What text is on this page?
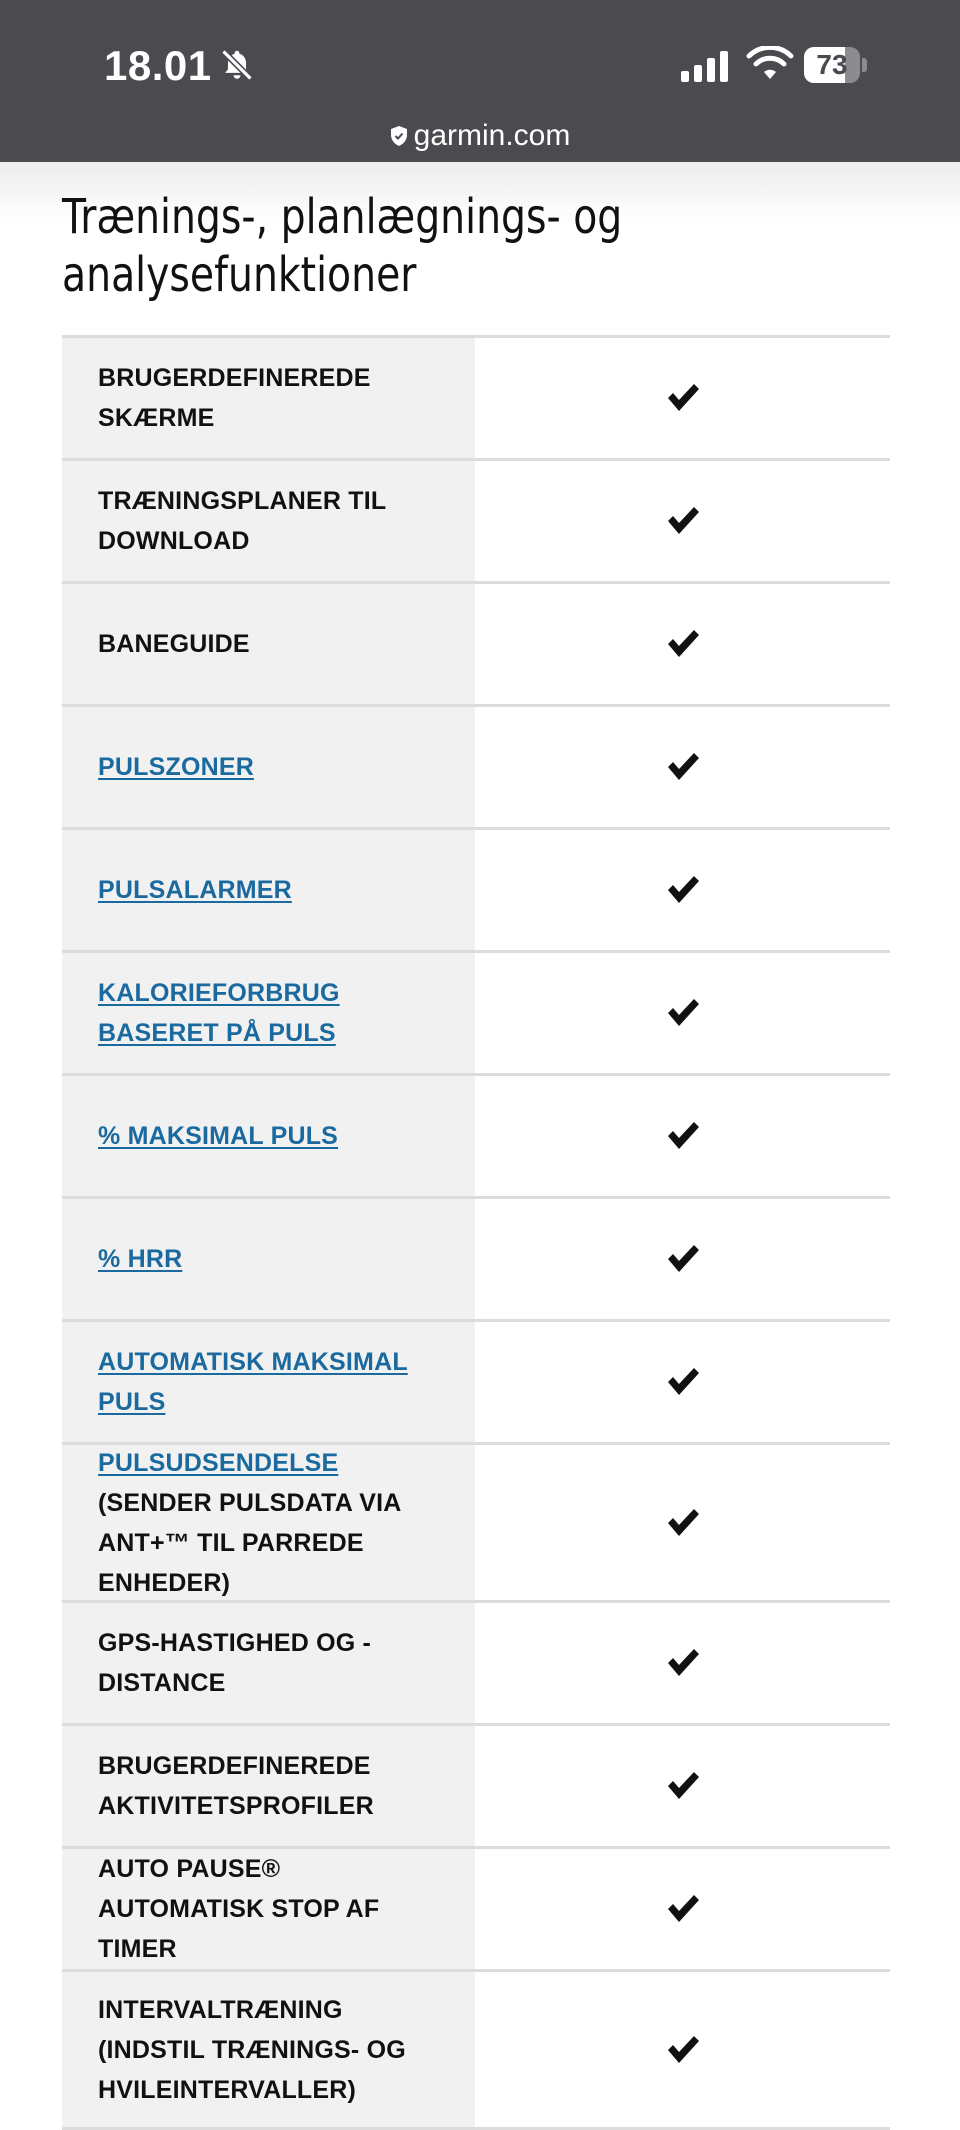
18.01	73
garmin.com
Trænings-, planlægnings- og
analysefunktioner
BRUGERDEFINEREDE SKÆRME
TRÆNINGSPLANER TIL DOWNLOAD
BANEGUIDE
PULSZONER
PULSALARMER
KALORIEFORBRUG BASERET PÅ PULS
% MAKSIMAL PULS
% HRR
AUTOMATISK MAKSIMAL PULS
PULSUDSENDELSE (SENDER PULSDATA VIA ANT+™ TIL PARREDE ENHEDER)
GPS-HASTIGHED OG -DISTANCE
BRUGERDEFINEREDE AKTIVITETSPROFILER
AUTO PAUSE® AUTOMATISK STOP AF TIMER
INTERVALTRÆNING (INDSTIL TRÆNINGS- OG HVILEINTERVALLER)
